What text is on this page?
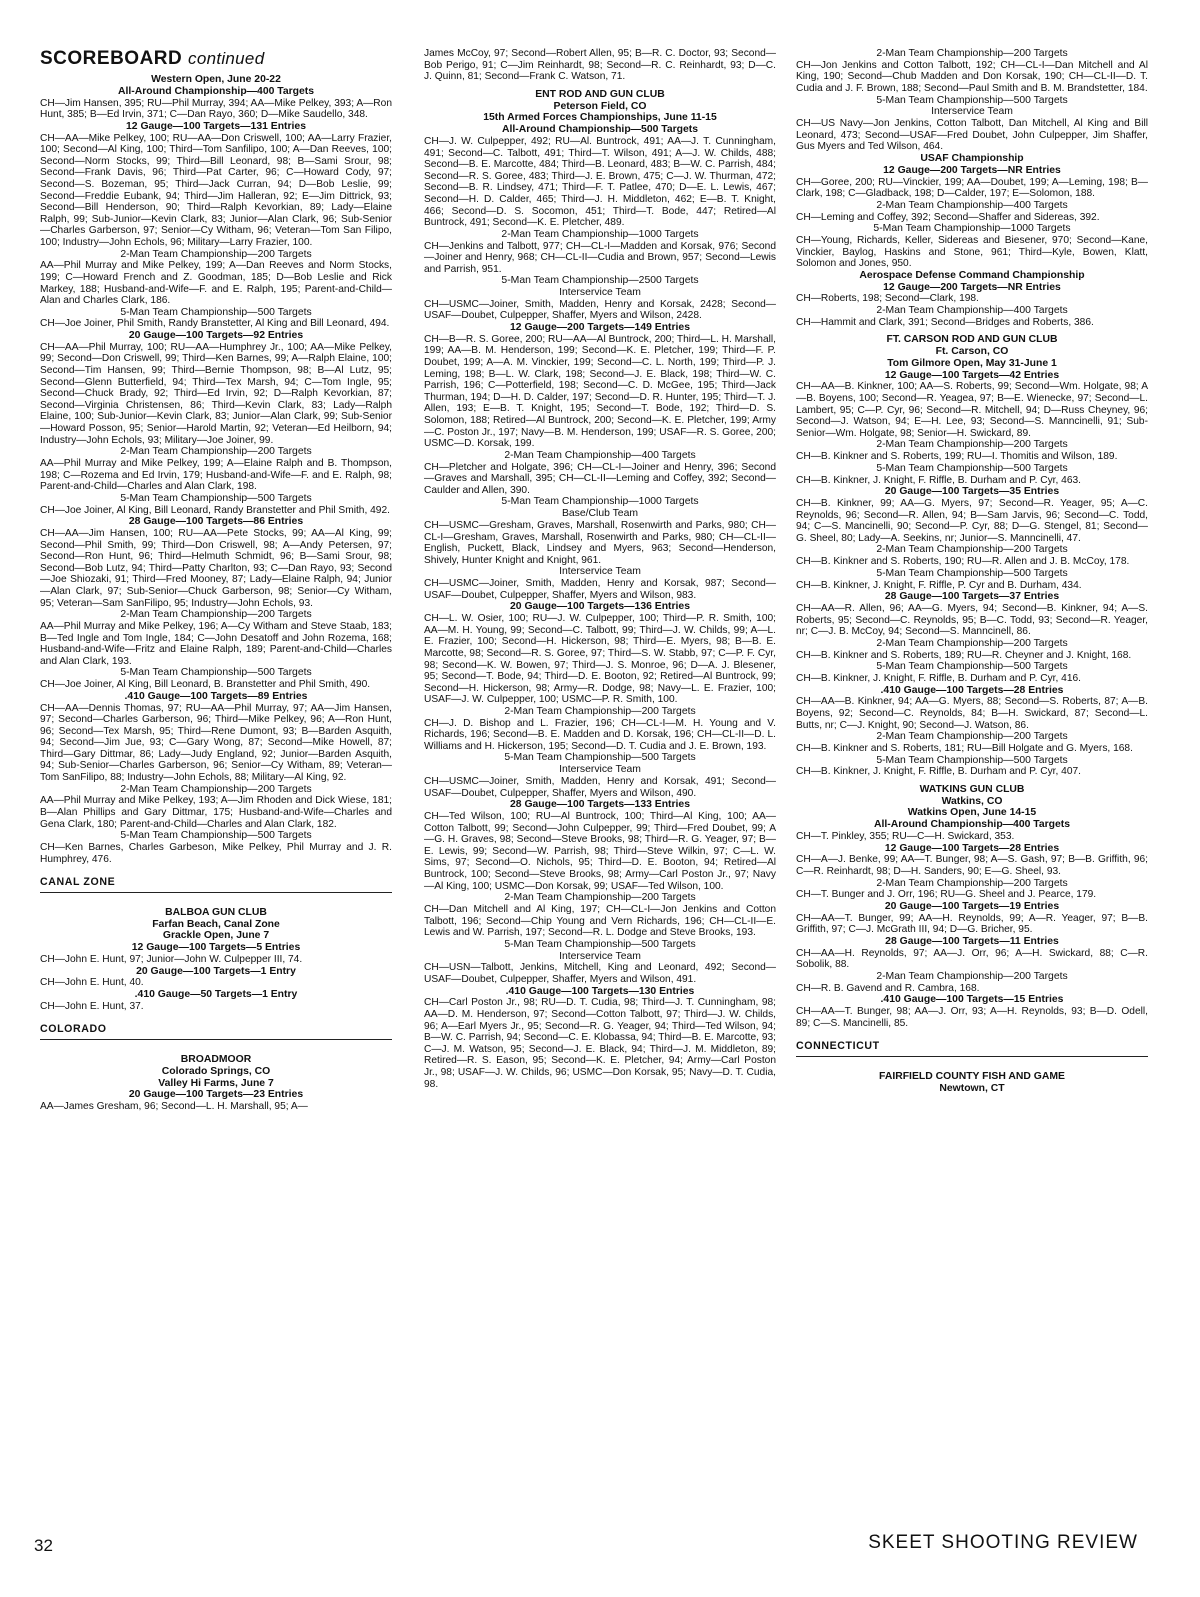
SCOREBOARD continued
Western Open, June 20-22
All-Around Championship—400 Targets

CH—Jim Hansen, 395; RU—Phil Murray, 394; AA—Mike Pelkey, 393; A—Ron Hunt, 385; B—Ed Irvin, 371; C—Dan Rayo, 360; D—Mike Saudello, 348.

12 Gauge—100 Targets—131 Entries

CH—AA—Mike Pelkey, 100; RU—AA—Don Criswell, 100; AA—Larry Frazier, 100; Second—Al King, 100; Third—Tom Sanfilipo, 100; A—Dan Reeves, 100; Second—Norm Stocks, 99; Third—Bill Leonard, 98; B—Sami Srour, 98; Second—Frank Davis, 96; Third—Pat Carter, 96; C—Howard Cody, 97; Second—S. Bozeman, 95; Third—Jack Curran, 94; D—Bob Leslie, 99; Second—Freddie Eubank, 94; Third—Jim Halleran, 92; E—Jim Dittrick, 93; Second—Bill Henderson, 90; Third—Ralph Kevorkian, 89; Lady—Elaine Ralph, 99; Sub-Junior—Kevin Clark, 83; Junior—Alan Clark, 96; Sub-Senior—Charles Garberson, 97; Senior—Cy Witham, 96; Veteran—Tom San Filipo, 100; Industry—John Echols, 96; Military—Larry Frazier, 100.

2-Man Team Championship—200 Targets

AA—Phil Murray and Mike Pelkey, 199; A—Dan Reeves and Norm Stocks, 199; C—Howard French and Z. Goodman, 185; D—Bob Leslie and Rick Markey, 188; Husband-and-Wife—F. and E. Ralph, 195; Parent-and-Child—Alan and Charles Clark, 186.

5-Man Team Championship—500 Targets

CH—Joe Joiner, Phil Smith, Randy Branstetter, Al King and Bill Leonard, 494.

20 Gauge—100 Targets—92 Entries

CH—AA—Phil Murray, 100; RU—AA—Humphrey Jr., 100; AA—Mike Pelkey, 99; Second—Don Criswell, 99; Third—Ken Barnes, 99; A—Ralph Elaine, 100; Second—Tim Hansen, 99; Third—Bernie Thompson, 98; B—Al Lutz, 95; Second—Glenn Butterfield, 94; Third—Tex Marsh, 94; C—Tom Ingle, 95; Second—Chuck Brady, 92; Third—Ed Irvin, 92; D—Ralph Kevorkian, 87; Second—Virginia Christensen, 86; Third—Kevin Clark, 83; Lady—Ralph Elaine, 100; Sub-Junior—Kevin Clark, 83; Junior—Alan Clark, 99; Sub-Senior—Howard Posson, 95; Senior—Harold Martin, 92; Veteran—Ed Heilborn, 94; Industry—John Echols, 93; Military—Joe Joiner, 99.

2-Man Team Championship—200 Targets

AA—Phil Murray and Mike Pelkey, 199; A—Elaine Ralph and B. Thompson, 198; C—Rozema and Ed Irvin, 179; Husband-and-Wife—F. and E. Ralph, 98; Parent-and-Child—Charles and Alan Clark, 198.

5-Man Team Championship—500 Targets

CH—Joe Joiner, Al King, Bill Leonard, Randy Branstetter and Phil Smith, 492.

28 Gauge—100 Targets—86 Entries

CH—AA—Jim Hansen, 100; RU—AA—Pete Stocks, 99; AA—Al King, 99; Second—Phil Smith, 99; Third—Don Criswell, 98; A—Andy Petersen, 97; Second—Ron Hunt, 96; Third—Helmuth Schmidt, 96; B—Sami Srour, 98; Second—Bob Lutz, 94; Third—Patty Charlton, 93; C—Dan Rayo, 93; Second—Joe Shiozaki, 91; Third—Fred Mooney, 87; Lady—Elaine Ralph, 94; Junior—Alan Clark, 97; Sub-Senior—Chuck Garberson, 98; Senior—Cy Witham, 95; Veteran—Sam SanFilipo, 95; Industry—John Echols, 93.

2-Man Team Championship—200 Targets

AA—Phil Murray and Mike Pelkey, 196; A—Cy Witham and Steve Staab, 183; B—Ted Ingle and Tom Ingle, 184; C—John Desatoff and John Rozema, 168; Husband-and-Wife—Fritz and Elaine Ralph, 189; Parent-and-Child—Charles and Alan Clark, 193.

5-Man Team Championship—500 Targets

CH—Joe Joiner, Al King, Bill Leonard, B. Branstetter and Phil Smith, 490.

.410 Gauge—100 Targets—89 Entries

CH—AA—Dennis Thomas, 97; RU—AA—Phil Murray, 97; AA—Jim Hansen, 97; Second—Charles Garberson, 96; Third—Mike Pelkey, 96; A—Ron Hunt, 96; Second—Tex Marsh, 95; Third—Rene Dumont, 93; B—Barden Asquith, 94; Second—Jim Jue, 93; C—Gary Wong, 87; Second—Mike Howell, 87; Third—Gary Dittmar, 86; Lady—Judy England, 92; Junior—Barden Asquith, 94; Sub-Senior—Charles Garberson, 96; Senior—Cy Witham, 89; Veteran—Tom SanFilipo, 88; Industry—John Echols, 88; Military—Al King, 92.

2-Man Team Championship—200 Targets

AA—Phil Murray and Mike Pelkey, 193; A—Jim Rhoden and Dick Wiese, 181; B—Alan Phillips and Gary Dittmar, 175; Husband-and-Wife—Charles and Gena Clark, 180; Parent-and-Child—Charles and Alan Clark, 182.

5-Man Team Championship—500 Targets

CH—Ken Barnes, Charles Garbeson, Mike Pelkey, Phil Murray and J. R. Humphrey, 476.

CANAL ZONE
BALBOA GUN CLUB
Farfan Beach, Canal Zone
Grackle Open, June 7
12 Gauge—100 Targets—5 Entries

CH—John E. Hunt, 97; Junior—John W. Culpepper III, 74.

20 Gauge—100 Targets—1 Entry

CH—John E. Hunt, 40.

.410 Gauge—50 Targets—1 Entry

CH—John E. Hunt, 37.

COLORADO
BROADMOOR
Colorado Springs, CO
Valley Hi Farms, June 7
20 Gauge—100 Targets—23 Entries

AA—James Gresham, 96; Second—L. H. Marshall, 95; A—

James McCoy, 97; Second—Robert Allen, 95; B—R. C. Doctor, 93; Second—Bob Perigo, 91; C—Jim Reinhardt, 98; Second—R. C. Reinhardt, 93; D—C. J. Quinn, 81; Second—Frank C. Watson, 71.

ENT ROD AND GUN CLUB
Peterson Field, CO
15th Armed Forces Championships, June 11-15
All-Around Championship—500 Targets

CH—J. W. Culpepper, 492; RU—Al. Buntrock, 491; AA—J. T. Cunningham, 491; Second—C. Talbott, 491; Third—T. Wilson, 491; A—J. W. Childs, 488; Second—B. E. Marcotte, 484; Third—B. Leonard, 483; B—W. C. Parrish, 484; Second—R. S. Goree, 483; Third—J. E. Brown, 475; C—J. W. Thurman, 472; Second—B. R. Lindsey, 471; Third—F. T. Patlee, 470; D—E. L. Lewis, 467; Second—H. D. Calder, 465; Third—J. H. Middleton, 462; E—B. T. Knight, 466; Second—D. S. Socomon, 451; Third—T. Bode, 447; Retired—Al Buntrock, 491; Second—K. E. Pletcher, 489.

2-Man Team Championship—1000 Targets

CH—Jenkins and Talbott, 977; CH—CL-I—Madden and Korsak, 976; Second—Joiner and Henry, 968; CH—CL-II—Cudia and Brown, 957; Second—Lewis and Parrish, 951.

5-Man Team Championship—2500 Targets
Interservice Team

CH—USMC—Joiner, Smith, Madden, Henry and Korsak, 2428; Second—USAF—Doubet, Culpepper, Shaffer, Myers and Wilson, 2428.

12 Gauge—200 Targets—149 Entries

CH—B—R. S. Goree, 200; RU—AA—Al Buntrock, 200; Third—L. H. Marshall, 199; AA—B. M. Henderson, 199; Second—K. E. Pletcher, 199; Third—F. P. Doubet, 199; A—A. M. Vinckier, 199; Second—C. L. North, 199; Third—P. J. Leming, 198; B—L. W. Clark, 198; Second—J. E. Black, 198; Third—W. C. Parrish, 196; C—Potterfield, 198; Second—C. D. McGee, 195; Third—Jack Thurman, 194; D—H. D. Calder, 197; Second—D. R. Hunter, 195; Third—T. J. Allen, 193; E—B. T. Knight, 195; Second—T. Bode, 192; Third—D. S. Solomon, 188; Retired—Al Buntrock, 200; Second—K. E. Pletcher, 199; Army—C. Poston Jr., 197; Navy—B. M. Henderson, 199; USAF—R. S. Goree, 200; USMC—D. Korsak, 199.

2-Man Team Championship—400 Targets

CH—Pletcher and Holgate, 396; CH—CL-I—Joiner and Henry, 396; Second—Graves and Marshall, 395; CH—CL-II—Leming and Coffey, 392; Second—Caulder and Allen, 390.

5-Man Team Championship—1000 Targets
Base/Club Team

CH—USMC—Gresham, Graves, Marshall, Rosenwirth and Parks, 980; CH—CL-I—Gresham, Graves, Marshall, Rosenwirth and Parks, 980; CH—CL-II—English, Puckett, Black, Lindsey and Myers, 963; Second—Henderson, Shively, Hunter Knight and Knight, 961.

Interservice Team

CH—USMC—Joiner, Smith, Madden, Henry and Korsak, 987; Second—USAF—Doubet, Culpepper, Shaffer, Myers and Wilson, 983.

20 Gauge—100 Targets—136 Entries

CH—L. W. Osier, 100; RU—J. W. Culpepper, 100; Third—P. R. Smith, 100; AA—M. H. Young, 99; Second—C. Talbott, 99; Third—J. W. Childs, 99; A—L. E. Frazier, 100; Second—H. Hickerson, 98; Third—E. Myers, 98; B—B. E. Marcotte, 98; Second—R. S. Goree, 97; Third—S. W. Stabb, 97; C—P. F. Cyr, 98; Second—K. W. Bowen, 97; Third—J. S. Monroe, 96; D—A. J. Blesener, 95; Second—T. Bode, 94; Third—D. E. Booton, 92; Retired—Al Buntrock, 99; Second—H. Hickerson, 98; Army—R. Dodge, 98; Navy—L. E. Frazier, 100; USAF—J. W. Culpepper, 100; USMC—P. R. Smith, 100.

2-Man Team Championship—200 Targets

CH—J. D. Bishop and L. Frazier, 196; CH—CL-I—M. H. Young and V. Richards, 196; Second—B. E. Madden and D. Korsak, 196; CH—CL-II—D. L. Williams and H. Hickerson, 195; Second—D. T. Cudia and J. E. Brown, 193.

5-Man Team Championship—500 Targets
Interservice Team

CH—USMC—Joiner, Smith, Madden, Henry and Korsak, 491; Second—USAF—Doubet, Culpepper, Shaffer, Myers and Wilson, 490.

28 Gauge—100 Targets—133 Entries

CH—Ted Wilson, 100; RU—Al Buntrock, 100; Third—Al King, 100; AA—Cotton Talbott, 99; Second—John Culpepper, 99; Third—Fred Doubet, 99; A—G. H. Graves, 98; Second—Steve Brooks, 98; Third—R. G. Yeager, 97; B—E. Lewis, 99; Second—W. Parrish, 98; Third—Steve Wilkin, 97; C—L. W. Sims, 97; Second—O. Nichols, 95; Third—D. E. Booton, 94; Retired—Al Buntrock, 100; Second—Steve Brooks, 98; Army—Carl Poston Jr., 97; Navy—Al King, 100; USMC—Don Korsak, 99; USAF—Ted Wilson, 100.

2-Man Team Championship—200 Targets

CH—Dan Mitchell and Al King, 197; CH—CL-I—Jon Jenkins and Cotton Talbott, 196; Second—Chip Young and Vern Richards, 196; CH—CL-II—E. Lewis and W. Parrish, 197; Second—R. L. Dodge and Steve Brooks, 193.

5-Man Team Championship—500 Targets
Interservice Team

CH—USN—Talbott, Jenkins, Mitchell, King and Leonard, 492; Second—USAF—Doubet, Culpepper, Shaffer, Myers and Wilson, 491.

.410 Gauge—100 Targets—130 Entries

CH—Carl Poston Jr., 98; RU—D. T. Cudia, 98; Third—J. T. Cunningham, 98; AA—D. M. Henderson, 97; Second—Cotton Talbott, 97; Third—J. W. Childs, 96; A—Earl Myers Jr., 95; Second—R. G. Yeager, 94; Third—Ted Wilson, 94; B—W. C. Parrish, 94; Second—C. E. Klobassa, 94; Third—B. E. Marcotte, 93; C—J. M. Watson, 95; Second—J. E. Black, 94; Third—J. M. Middleton, 89; Retired—R. S. Eason, 95; Second—K. E. Pletcher, 94; Army—Carl Poston Jr., 98; USAF—J. W. Childs, 96; USMC—Don Korsak, 95; Navy—D. T. Cudia, 98.

2-Man Team Championship—200 Targets

CH—Jon Jenkins and Cotton Talbott, 192; CH—CL-I—Dan Mitchell and Al King, 190; Second—Chub Madden and Don Korsak, 190; CH—CL-II—D. T. Cudia and J. F. Brown, 188; Second—Paul Smith and B. M. Brandstetter, 184.

5-Man Team Championship—500 Targets
Interservice Team

CH—US Navy—Jon Jenkins, Cotton Talbott, Dan Mitchell, Al King and Bill Leonard, 473; Second—USAF—Fred Doubet, John Culpepper, Jim Shaffer, Gus Myers and Ted Wilson, 464.

USAF Championship
12 Gauge—200 Targets—NR Entries

CH—Goree, 200; RU—Vinckier, 199; AA—Doubet, 199; A—Leming, 198; B—Clark, 198; C—Gladback, 198; D—Calder, 197; E—Solomon, 188.

2-Man Team Championship—400 Targets

CH—Leming and Coffey, 392; Second—Shaffer and Sidereas, 392.

5-Man Team Championship—1000 Targets

CH—Young, Richards, Keller, Sidereas and Biesener, 970; Second—Kane, Vinckier, Baylog, Haskins and Stone, 961; Third—Kyle, Bowen, Klatt, Solomon and Jones, 950.

Aerospace Defense Command Championship
12 Gauge—200 Targets—NR Entries

CH—Roberts, 198; Second—Clark, 198.

2-Man Team Championship—400 Targets

CH—Hammit and Clark, 391; Second—Bridges and Roberts, 386.

FT. CARSON ROD AND GUN CLUB
Ft. Carson, CO
Tom Gilmore Open, May 31-June 1
12 Gauge—100 Targets—42 Entries

CH—AA—B. Kinkner, 100; AA—S. Roberts, 99; Second—Wm. Holgate, 98; A—B. Boyens, 100; Second—R. Yeagea, 97; B—E. Wienecke, 97; Second—L. Lambert, 95; C—P. Cyr, 96; Second—R. Mitchell, 94; D—Russ Cheyney, 96; Second—J. Watson, 94; E—H. Lee, 93; Second—S. Manncinelli, 91; Sub-Senior—Wm. Holgate, 98; Senior—H. Swickard, 89.

2-Man Team Championship—200 Targets

CH—B. Kinkner and S. Roberts, 199; RU—I. Thomitis and Wilson, 189.

5-Man Team Championship—500 Targets

CH—B. Kinkner, J. Knight, F. Riffle, B. Durham and P. Cyr, 463.

20 Gauge—100 Targets—35 Entries

CH—B. Kinkner, 99; AA—G. Myers, 97; Second—R. Yeager, 95; A—C. Reynolds, 96; Second—R. Allen, 94; B—Sam Jarvis, 96; Second—C. Todd, 94; C—S. Mancinelli, 90; Second—P. Cyr, 88; D—G. Stengel, 81; Second—G. Sheel, 80; Lady—A. Seekins, nr; Junior—S. Manncinelli, 47.

2-Man Team Championship—200 Targets

CH—B. Kinkner and S. Roberts, 190; RU—R. Allen and J. B. McCoy, 178.

5-Man Team Championship—500 Targets

CH—B. Kinkner, J. Knight, F. Riffle, P. Cyr and B. Durham, 434.

28 Gauge—100 Targets—37 Entries

CH—AA—R. Allen, 96; AA—G. Myers, 94; Second—B. Kinkner, 94; A—S. Roberts, 95; Second—C. Reynolds, 95; B—C. Todd, 93; Second—R. Yeager, nr; C—J. B. McCoy, 94; Second—S. Manncinell, 86.

2-Man Team Championship—200 Targets

CH—B. Kinkner and S. Roberts, 189; RU—R. Cheyner and J. Knight, 168.

5-Man Team Championship—500 Targets

CH—B. Kinkner, J. Knight, F. Riffle, B. Durham and P. Cyr, 416.

.410 Gauge—100 Targets—28 Entries

CH—AA—B. Kinkner, 94; AA—G. Myers, 88; Second—S. Roberts, 87; A—B. Boyens, 92; Second—C. Reynolds, 84; B—H. Swickard, 87; Second—L. Butts, nr; C—J. Knight, 90; Second—J. Watson, 86.

2-Man Team Championship—200 Targets

CH—B. Kinkner and S. Roberts, 181; RU—Bill Holgate and G. Myers, 168.

5-Man Team Championship—500 Targets

CH—B. Kinkner, J. Knight, F. Riffle, B. Durham and P. Cyr, 407.

WATKINS GUN CLUB
Watkins, CO
Watkins Open, June 14-15
All-Around Championship—400 Targets

CH—T. Pinkley, 355; RU—C—H. Swickard, 353.

12 Gauge—100 Targets—28 Entries

CH—A—J. Benke, 99; AA—T. Bunger, 98; A—S. Gash, 97; B—B. Griffith, 96; C—R. Reinhardt, 98; D—H. Sanders, 90; E—G. Sheel, 93.

2-Man Team Championship—200 Targets

CH—T. Bunger and J. Orr, 196; RU—G. Sheel and J. Pearce, 179.

20 Gauge—100 Targets—19 Entries

CH—AA—T. Bunger, 99; AA—H. Reynolds, 99; A—R. Yeager, 97; B—B. Griffith, 97; C—J. McGrath III, 94; D—G. Bricher, 95.

28 Gauge—100 Targets—11 Entries

CH—AA—H. Reynolds, 97; AA—J. Orr, 96; A—H. Swickard, 88; C—R. Sobolik, 88.

2-Man Team Championship—200 Targets

CH—R. B. Gavend and R. Cambra, 168.

.410 Gauge—100 Targets—15 Entries

CH—AA—T. Bunger, 98; AA—J. Orr, 93; A—H. Reynolds, 93; B—D. Odell, 89; C—S. Mancinelli, 85.

CONNECTICUT
FAIRFIELD COUNTY FISH AND GAME
Newtown, CT
32	SKEET SHOOTING REVIEW
